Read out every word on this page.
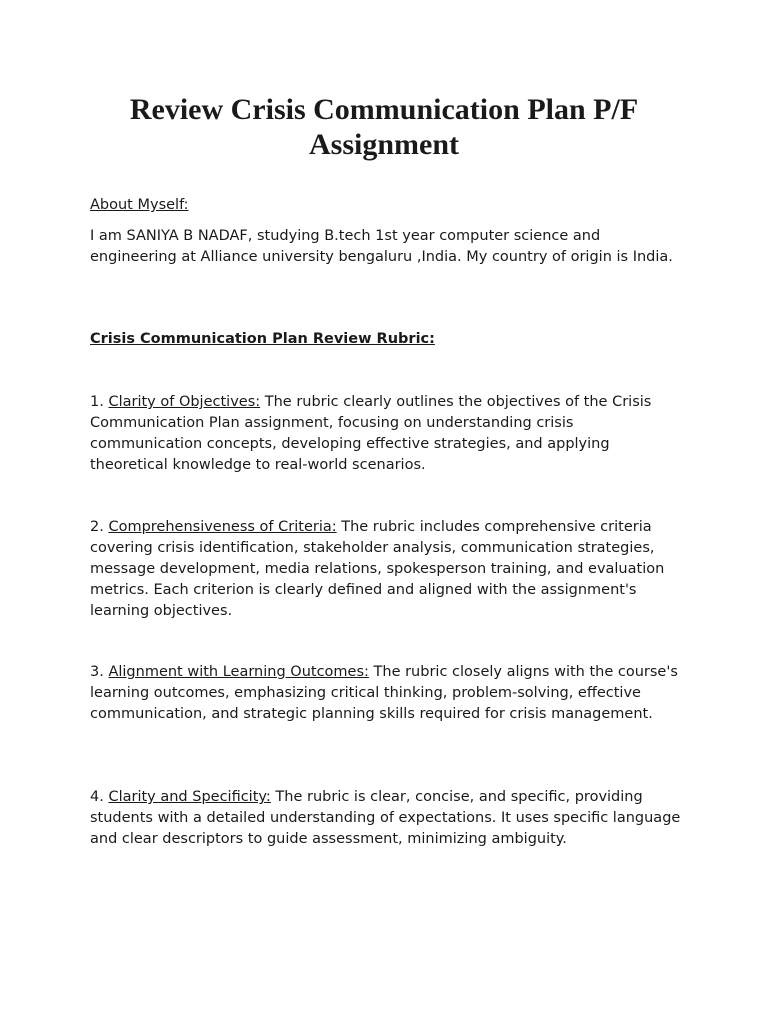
Review Crisis Communication Plan P/F
Assignment

About Myself:

I am SANIYA B NADAF, studying B.tech 1st year computer science and engineering at Alliance university bengaluru ,India. My country of origin is India.

Crisis Communication Plan Review Rubric:

1. Clarity of Objectives: The rubric clearly outlines the objectives of the Crisis Communication Plan assignment, focusing on understanding crisis communication concepts, developing effective strategies, and applying theoretical knowledge to real-world scenarios.

2. Comprehensiveness of Criteria: The rubric includes comprehensive criteria covering crisis identification, stakeholder analysis, communication strategies, message development, media relations, spokesperson training, and evaluation metrics. Each criterion is clearly defined and aligned with the assignment's learning objectives.

3. Alignment with Learning Outcomes: The rubric closely aligns with the course's learning outcomes, emphasizing critical thinking, problem-solving, effective communication, and strategic planning skills required for crisis management.

4. Clarity and Specificity: The rubric is clear, concise, and specific, providing students with a detailed understanding of expectations. It uses specific language and clear descriptors to guide assessment, minimizing ambiguity.
